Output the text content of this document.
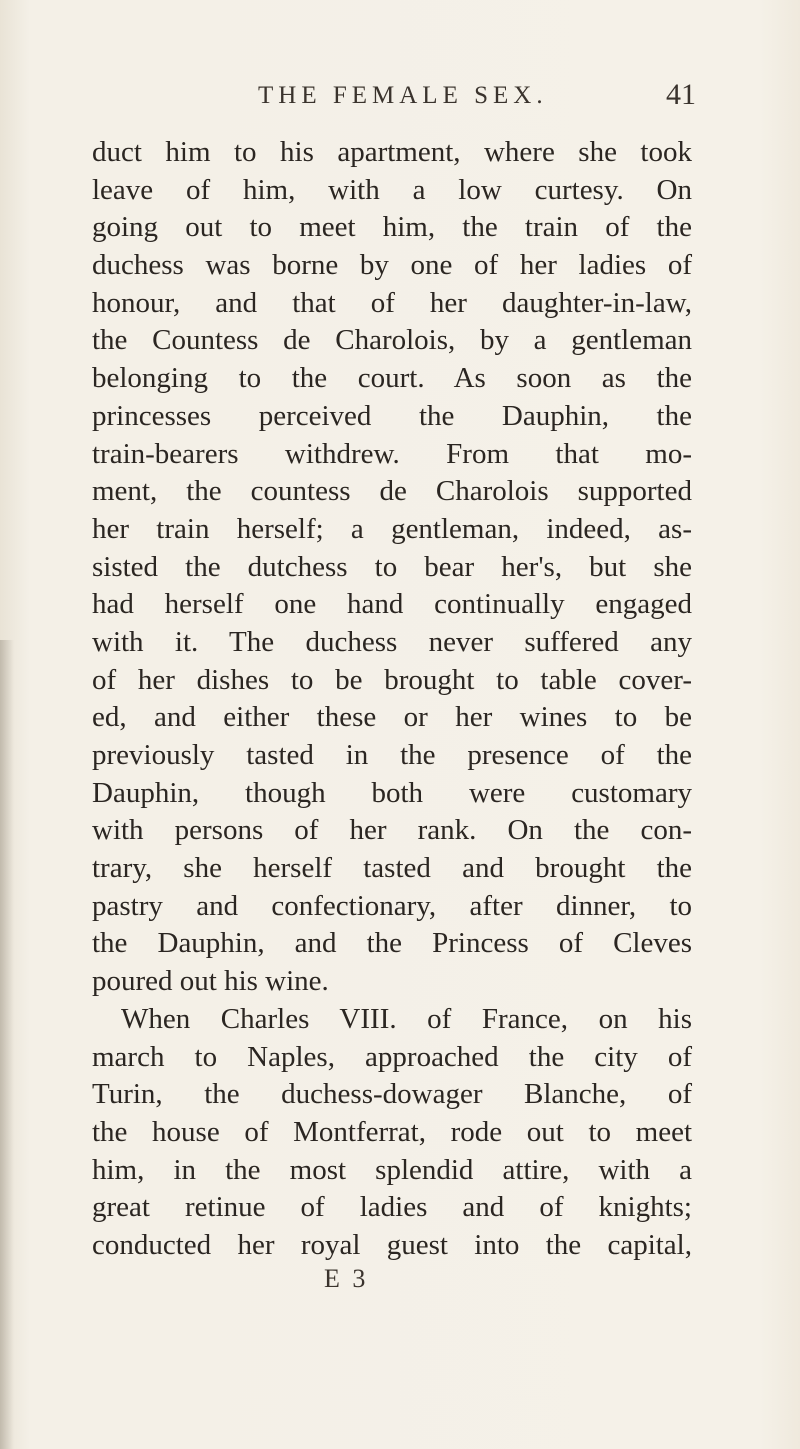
THE FEMALE SEX.	41
duct him to his apartment, where she took
leave of him, with a low curtesy. On
going out to meet him, the train of the
duchess was borne by one of her ladies of
honour, and that of her daughter-in-law,
the Countess de Charolois, by a gentleman
belonging to the court. As soon as the
princesses perceived the Dauphin, the
train-bearers withdrew. From that mo-
ment, the countess de Charolois supported
her train herself; a gentleman, indeed, as-
sisted the dutchess to bear her's, but she
had herself one hand continually engaged
with it. The duchess never suffered any
of her dishes to be brought to table cover-
ed, and either these or her wines to be
previously tasted in the presence of the
Dauphin, though both were customary
with persons of her rank. On the con-
trary, she herself tasted and brought the
pastry and confectionary, after dinner, to
the Dauphin, and the Princess of Cleves
poured out his wine.
When Charles VIII. of France, on his
march to Naples, approached the city of
Turin, the duchess-dowager Blanche, of
the house of Montferrat, rode out to meet
him, in the most splendid attire, with a
great retinue of ladies and of knights;
conducted her royal guest into the capital,
E 3
